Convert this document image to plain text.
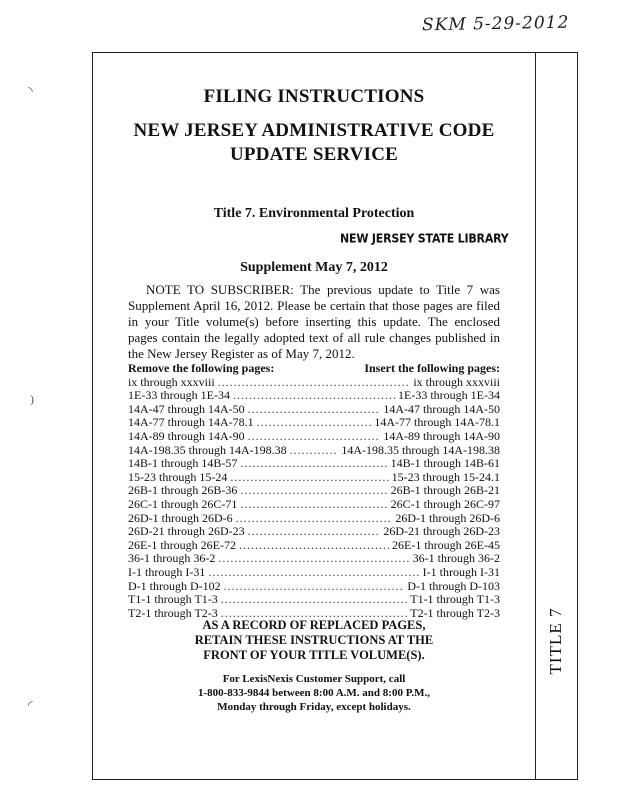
SKM 5-29-2012
TITLE 7
◝
)
◜
FILING INSTRUCTIONS
NEW JERSEY ADMINISTRATIVE CODE
UPDATE SERVICE
Title 7. Environmental Protection
NEW JERSEY STATE LIBRARY
Supplement May 7, 2012
NOTE TO SUBSCRIBER: The previous update to Title 7 was Supplement April 16, 2012. Please be certain that those pages are filed in your Title volume(s) before inserting this update. The enclosed pages contain the legally adopted text of all rule changes published in the New Jersey Register as of May 7, 2012.
Remove the following pages:	Insert the following pages:
ix through xxxviii .....	ix through xxxviii
1E-33 through 1E-34 .....	1E-33 through 1E-34
14A-47 through 14A-50 .....	14A-47 through 14A-50
14A-77 through 14A-78.1 .....	14A-77 through 14A-78.1
14A-89 through 14A-90 .....	14A-89 through 14A-90
14A-198.35 through 14A-198.38 .....	14A-198.35 through 14A-198.38
14B-1 through 14B-57 .....	14B-1 through 14B-61
15-23 through 15-24 .....	15-23 through 15-24.1
26B-1 through 26B-36 .....	26B-1 through 26B-21
26C-1 through 26C-71 .....	26C-1 through 26C-97
26D-1 through 26D-6 .....	26D-1 through 26D-6
26D-21 through 26D-23 .....	26D-21 through 26D-23
26E-1 through 26E-72 .....	26E-1 through 26E-45
36-1 through 36-2 .....	36-1 through 36-2
I-1 through I-31 .....	I-1 through I-31
D-1 through D-102 .....	D-1 through D-103
T1-1 through T1-3 .....	T1-1 through T1-3
T2-1 through T2-3 .....	T2-1 through T2-3
AS A RECORD OF REPLACED PAGES,
RETAIN THESE INSTRUCTIONS AT THE
FRONT OF YOUR TITLE VOLUME(S).
For LexisNexis Customer Support, call
1-800-833-9844 between 8:00 A.M. and 8:00 P.M.,
Monday through Friday, except holidays.
